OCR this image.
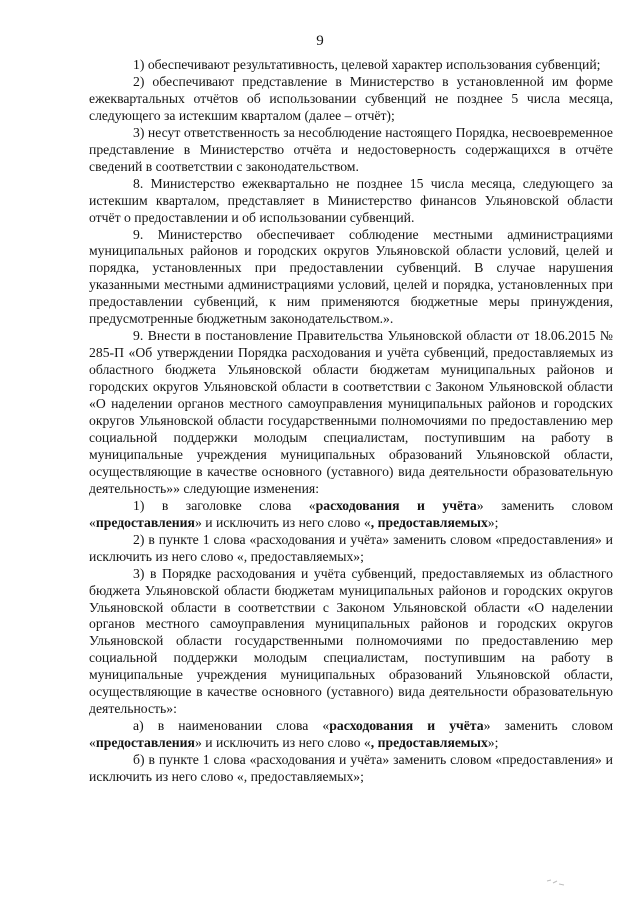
9

1) обеспечивают результативность, целевой характер использования субвенций;

2) обеспечивают представление в Министерство в установленной им форме ежеквартальных отчётов об использовании субвенций не позднее 5 числа месяца, следующего за истекшим кварталом (далее – отчёт);

3) несут ответственность за несоблюдение настоящего Порядка, несвоевременное представление в Министерство отчёта и недостоверность содержащихся в отчёте сведений в соответствии с законодательством.

8. Министерство ежеквартально не позднее 15 числа месяца, следующего за истекшим кварталом, представляет в Министерство финансов Ульяновской области отчёт о предоставлении и об использовании субвенций.

9. Министерство обеспечивает соблюдение местными администрациями муниципальных районов и городских округов Ульяновской области условий, целей и порядка, установленных при предоставлении субвенций. В случае нарушения указанными местными администрациями условий, целей и порядка, установленных при предоставлении субвенций, к ним применяются бюджетные меры принуждения, предусмотренные бюджетным законодательством.».

9. Внести в постановление Правительства Ульяновской области от 18.06.2015 № 285-П «Об утверждении Порядка расходования и учёта субвенций, предоставляемых из областного бюджета Ульяновской области бюджетам муниципальных районов и городских округов Ульяновской области в соответствии с Законом Ульяновской области «О наделении органов местного самоуправления муниципальных районов и городских округов Ульяновской области государственными полномочиями по предоставлению мер социальной поддержки молодым специалистам, поступившим на работу в муниципальные учреждения муниципальных образований Ульяновской области, осуществляющие в качестве основного (уставного) вида деятельности образовательную деятельность»» следующие изменения:

1) в заголовке слова «расходования и учёта» заменить словом «предоставления» и исключить из него слово «, предоставляемых»;

2) в пункте 1 слова «расходования и учёта» заменить словом «предоставления» и исключить из него слово «, предоставляемых»;

3) в Порядке расходования и учёта субвенций, предоставляемых из областного бюджета Ульяновской области бюджетам муниципальных районов и городских округов Ульяновской области в соответствии с Законом Ульяновской области «О наделении органов местного самоуправления муниципальных районов и городских округов Ульяновской области государственными полномочиями по предоставлению мер социальной поддержки молодым специалистам, поступившим на работу в муниципальные учреждения муниципальных образований Ульяновской области, осуществляющие в качестве основного (уставного) вида деятельности образовательную деятельность»:

а) в наименовании слова «расходования и учёта» заменить словом «предоставления» и исключить из него слово «, предоставляемых»;

б) в пункте 1 слова «расходования и учёта» заменить словом «предоставления» и исключить из него слово «, предоставляемых»;
